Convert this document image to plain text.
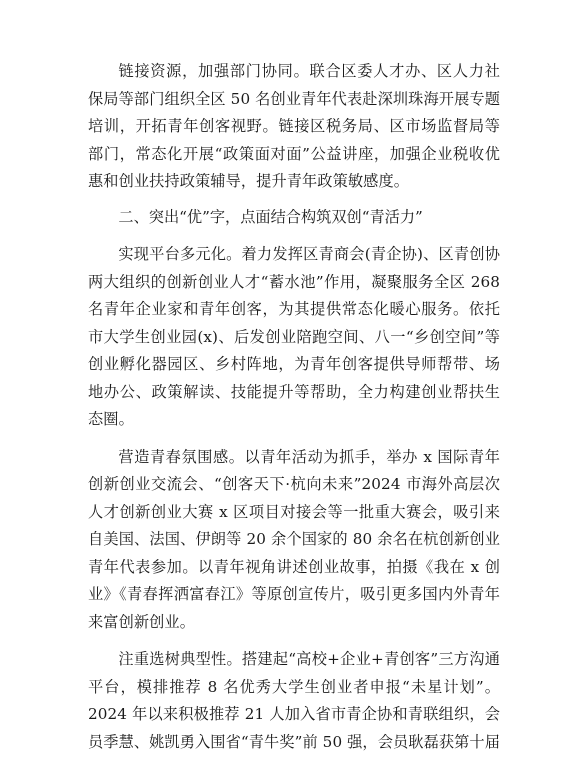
链接资源，加强部门协同。联合区委人才办、区人力社保局等部门组织全区 50 名创业青年代表赴深圳珠海开展专题培训，开拓青年创客视野。链接区税务局、区市场监督局等部门，常态化开展“政策面对面”公益讲座，加强企业税收优惠和创业扶持政策辅导，提升青年政策敏感度。

二、突出“优”字，点面结合构筑双创“青活力”

实现平台多元化。着力发挥区青商会(青企协)、区青创协两大组织的创新创业人才“蓄水池”作用，凝聚服务全区 268 名青年企业家和青年创客，为其提供常态化暖心服务。依托市大学生创业园(x)、后发创业陪跑空间、八一“乡创空间”等创业孵化器园区、乡村阵地，为青年创客提供导师帮带、场地办公、政策解读、技能提升等帮助，全力构建创业帮扶生态圈。

营造青春氛围感。以青年活动为抓手，举办 x 国际青年创新创业交流会、“创客天下·杭向未来”2024 市海外高层次人才创新创业大赛 x 区项目对接会等一批重大赛会，吸引来自美国、法国、伊朗等 20 余个国家的 80 余名在杭创新创业青年代表参加。以青年视角讲述创业故事，拍摄《我在 x 创业》《青春挥洒富春江》等原创宣传片，吸引更多国内外青年来富创新创业。

注重选树典型性。搭建起“高校+企业+青创客”三方沟通平台，模排推荐 8 名优秀大学生创业者申报“未星计划”。2024 年以来积极推荐 21 人加入省市青企协和青联组织，会员季慧、姚凯勇入围省“青牛奖”前 50 强，会员耿磊获第十届
